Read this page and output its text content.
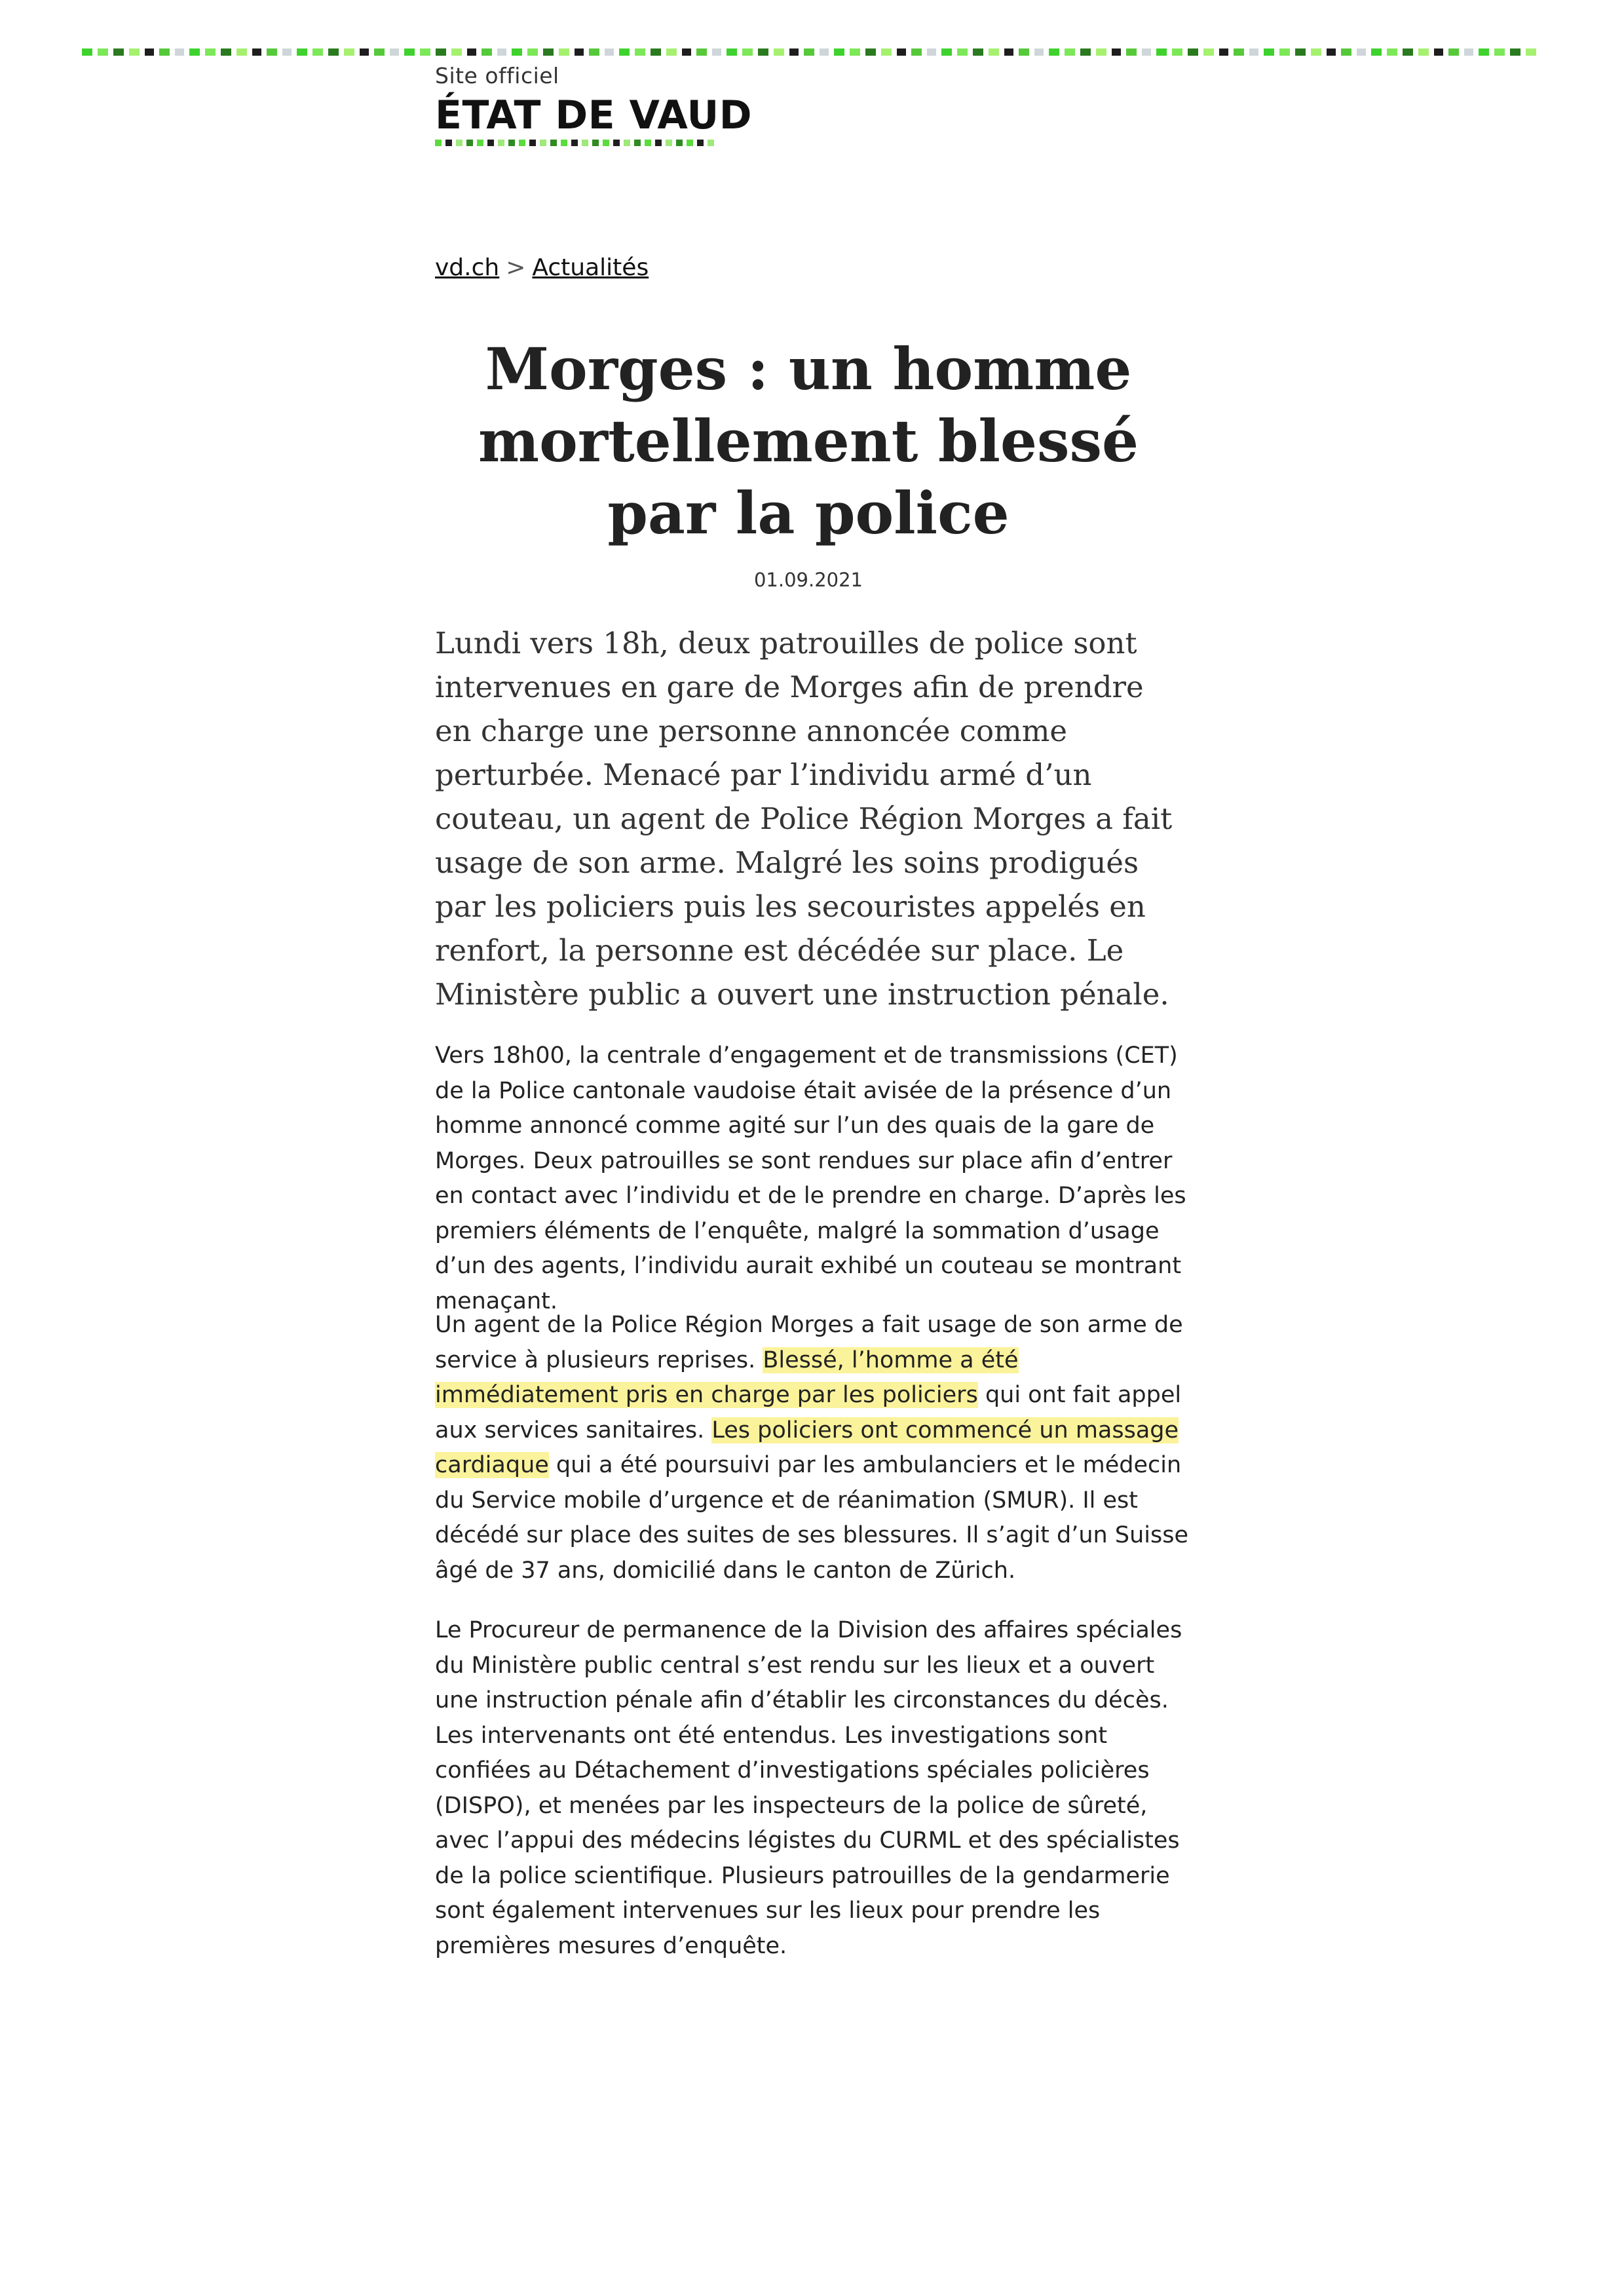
Site officiel
ÉTAT DE VAUD
vd.ch > Actualités
Morges : un homme mortellement blessé par la police
01.09.2021

Lundi vers 18h, deux patrouilles de police sont intervenues en gare de Morges afin de prendre en charge une personne annoncée comme perturbée. Menacé par l’individu armé d’un couteau, un agent de Police Région Morges a fait usage de son arme. Malgré les soins prodigués par les policiers puis les secouristes appelés en renfort, la personne est décédée sur place. Le Ministère public a ouvert une instruction pénale.

Vers 18h00, la centrale d’engagement et de transmissions (CET) de la Police cantonale vaudoise était avisée de la présence d’un homme annoncé comme agité sur l’un des quais de la gare de Morges. Deux patrouilles se sont rendues sur place afin d’entrer en contact avec l’individu et de le prendre en charge. D’après les premiers éléments de l’enquête, malgré la sommation d’usage d’un des agents, l’individu aurait exhibé un couteau se montrant menaçant.

Un agent de la Police Région Morges a fait usage de son arme de service à plusieurs reprises. Blessé, l’homme a été immédiatement pris en charge par les policiers qui ont fait appel aux services sanitaires. Les policiers ont commencé un massage cardiaque qui a été poursuivi par les ambulanciers et le médecin du Service mobile d’urgence et de réanimation (SMUR). Il est décédé sur place des suites de ses blessures. Il s’agit d’un Suisse âgé de 37 ans, domicilié dans le canton de Zürich.

Le Procureur de permanence de la Division des affaires spéciales du Ministère public central s’est rendu sur les lieux et a ouvert une instruction pénale afin d’établir les circonstances du décès. Les intervenants ont été entendus. Les investigations sont confiées au Détachement d’investigations spéciales policières (DISPO), et menées par les inspecteurs de la police de sûreté, avec l’appui des médecins légistes du CURML et des spécialistes de la police scientifique. Plusieurs patrouilles de la gendarmerie sont également intervenues sur les lieux pour prendre les premières mesures d’enquête.
